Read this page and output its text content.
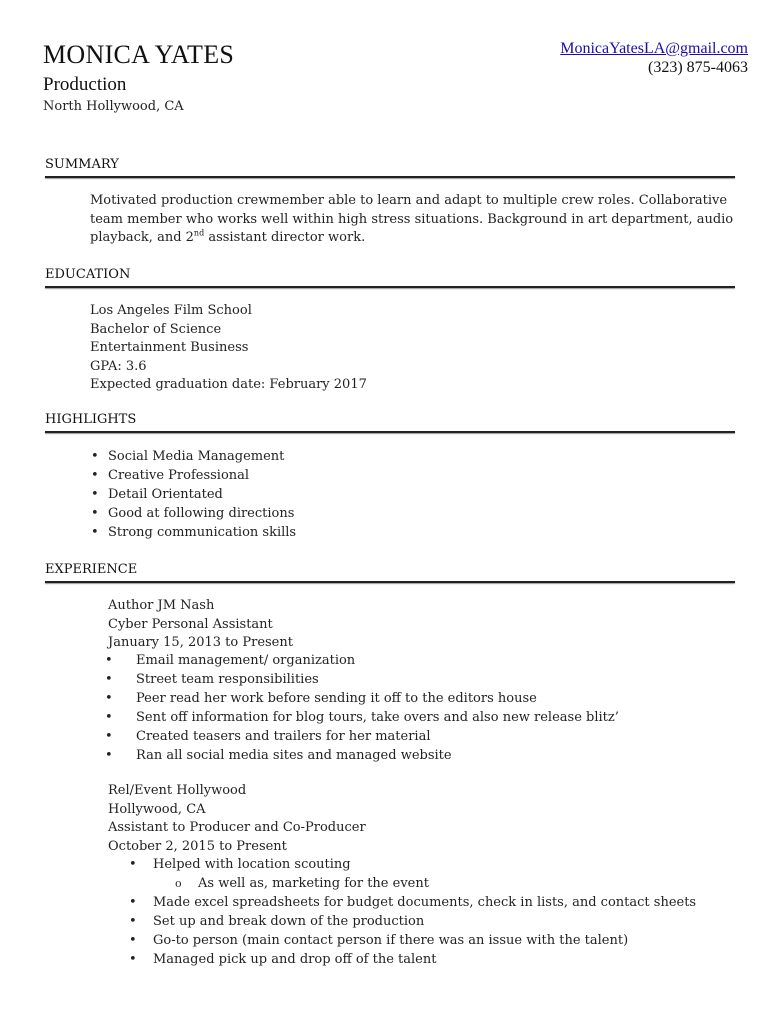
MONICA YATES
Production
North Hollywood, CA
MonicaYatesLA@gmail.com
(323) 875-4063
SUMMARY
Motivated production crewmember able to learn and adapt to multiple crew roles. Collaborative
team member who works well within high stress situations. Background in art department, audio
playback, and 2nd assistant director work.
EDUCATION
Los Angeles Film School
Bachelor of Science
Entertainment Business
GPA: 3.6
Expected graduation date: February 2017
HIGHLIGHTS
• Social Media Management
• Creative Professional
• Detail Orientated
• Good at following directions
• Strong communication skills
EXPERIENCE
Author JM Nash
Cyber Personal Assistant
January 15, 2013 to Present
• Email management/ organization
• Street team responsibilities
• Peer read her work before sending it off to the editors house
• Sent off information for blog tours, take overs and also new release blitz’
• Created teasers and trailers for her material
• Ran all social media sites and managed website
Rel/Event Hollywood
Hollywood, CA
Assistant to Producer and Co-Producer
October 2, 2015 to Present
• Helped with location scouting
o As well as, marketing for the event
• Made excel spreadsheets for budget documents, check in lists, and contact sheets
• Set up and break down of the production
• Go-to person (main contact person if there was an issue with the talent)
• Managed pick up and drop off of the talent
